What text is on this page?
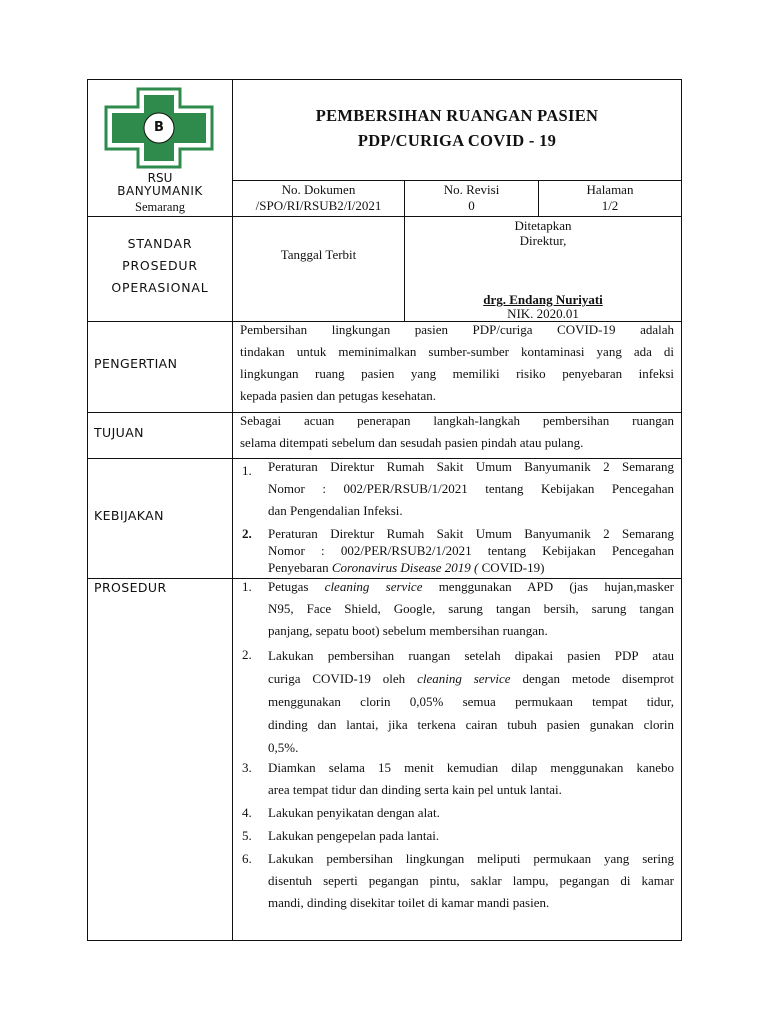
B
RSU
BANYUMANIK
Semarang
PEMBERSIHAN RUANGAN PASIEN
PDP/CURIGA COVID - 19
No. Dokumen
/SPO/RI/RSUB2/I/2021
No. Revisi
0
Halaman
1/2
STANDAR
PROSEDUR
OPERASIONAL
Tanggal Terbit
Ditetapkan
Direktur,
drg. Endang Nuriyati
NIK. 2020.01
PENGERTIAN
Pembersihan lingkungan pasien PDP/curiga COVID-19 adalah
tindakan untuk meminimalkan sumber-sumber kontaminasi yang ada di
lingkungan ruang pasien yang memiliki risiko penyebaran infeksi
kepada pasien dan petugas kesehatan.
TUJUAN
Sebagai acuan penerapan langkah-langkah pembersihan ruangan
selama ditempati sebelum dan sesudah pasien pindah atau pulang.
KEBIJAKAN
1. Peraturan Direktur Rumah Sakit Umum Banyumanik 2 Semarang
Nomor : 002/PER/RSUB/1/2021 tentang Kebijakan Pencegahan
dan Pengendalian Infeksi.
2. Peraturan Direktur Rumah Sakit Umum Banyumanik 2 Semarang
Nomor : 002/PER/RSUB2/1/2021 tentang Kebijakan Pencegahan
Penyebaran Coronavirus Disease 2019 ( COVID-19)
PROSEDUR	1. Petugas cleaning service menggunakan APD (jas hujan,masker
N95, Face Shield, Google, sarung tangan bersih, sarung tangan
panjang, sepatu boot) sebelum membersihan ruangan.
2. Lakukan pembersihan ruangan setelah dipakai pasien PDP atau
curiga COVID-19 oleh cleaning service dengan metode disemprot
menggunakan clorin 0,05% semua permukaan tempat tidur,
dinding dan lantai, jika terkena cairan tubuh pasien gunakan clorin
0,5%.
3. Diamkan selama 15 menit kemudian dilap menggunakan kanebo
area tempat tidur dan dinding serta kain pel untuk lantai.
4. Lakukan penyikatan dengan alat.
5. Lakukan pengepelan pada lantai.
6. Lakukan pembersihan lingkungan meliputi permukaan yang sering
disentuh seperti pegangan pintu, saklar lampu, pegangan di kamar
mandi, dinding disekitar toilet di kamar mandi pasien.
